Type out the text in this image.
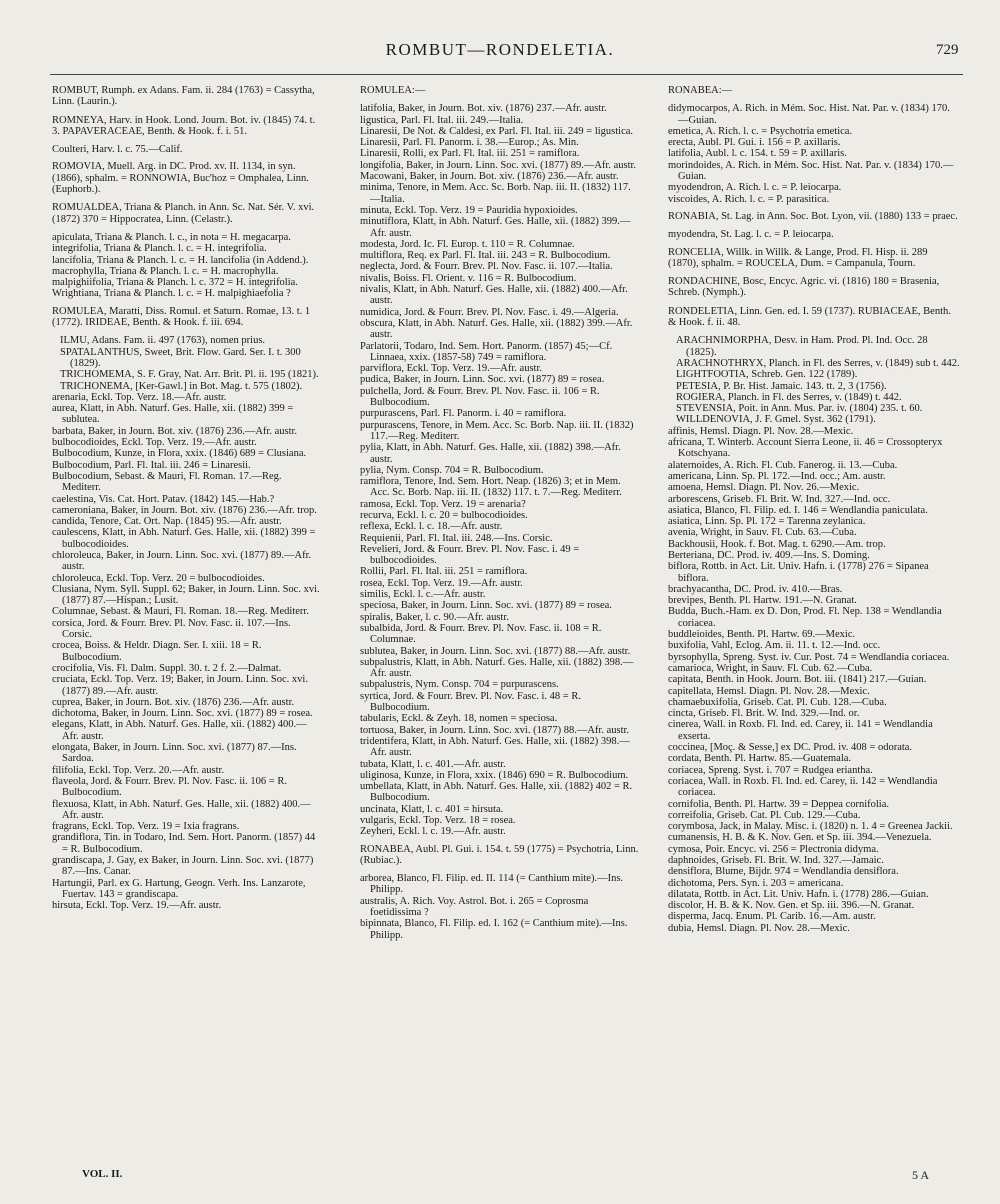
ROMBUT—RONDELETIA.	729
ROMBUT, Rumph. ex Adans. Fam. ii. 284 (1763) = Cassytha, Linn. (Laurin.).
ROMNEYA, Harv. in Hook. Lond. Journ. Bot. iv. (1845) 74. t. 3. PAPAVERACEAE, Benth. & Hook. f. i. 51.
Coulteri, Harv. l. c. 75.—Calif.
ROMOVIA, Muell. Arg. in DC. Prod. xv. II. 1134, in syn. (1866), sphalm. = RONNOWIA, Buc'hoz = Omphalea, Linn. (Euphorb.).
ROMUALDEA, Triana & Planch. in Ann. Sc. Nat. Sér. V. xvi. (1872) 370 = Hippocratea, Linn. (Celastr.).
apiculata, Triana & Planch. l. c., in nota = H. megacarpa.
integrifolia, Triana & Planch. l. c. = H. integrifolia.
lancifolia, Triana & Planch. l. c. = H. lancifolia (in Addend.).
macrophylla, Triana & Planch. l. c. = H. macrophylla.
malpighiifolia, Triana & Planch. l. c. 372 = H. integrifolia.
Wrightiana, Triana & Planch. l. c. = H. malpighiaefolia ?
ROMULEA, Maratti, Diss. Romul. et Saturn. Romae, 13. t. 1 (1772). IRIDEAE, Benth. & Hook. f. iii. 694.
ILMU, Adans. Fam. ii. 497 (1763), nomen prius.
SPATALANTHUS, Sweet, Brit. Flow. Gard. Ser. I. t. 300 (1829).
TRICHOMEMA, S. F. Gray, Nat. Arr. Brit. Pl. ii. 195 (1821).
TRICHONEMA, [Ker-Gawl.] in Bot. Mag. t. 575 (1802).
arenaria, Eckl. Top. Verz. 18.—Afr. austr.
aurea, Klatt, in Abh. Naturf. Ges. Halle, xii. (1882) 399 = sublutea.
barbata, Baker, in Journ. Bot. xiv. (1876) 236.—Afr. austr.
bulbocodioides, Eckl. Top. Verz. 19.—Afr. austr.
Bulbocodium, Kunze, in Flora, xxix. (1846) 689 = Clusiana.
Bulbocodium, Parl. Fl. Ital. iii. 246 = Linaresii.
Bulbocodium, Sebast. & Mauri, Fl. Roman. 17.—Reg. Mediterr.
caelestina, Vis. Cat. Hort. Patav. (1842) 145.—Hab.?
cameroniana, Baker, in Journ. Bot. xiv. (1876) 236.—Afr. trop.
candida, Tenore, Cat. Ort. Nap. (1845) 95.—Afr. austr.
caulescens, Klatt, in Abh. Naturf. Ges. Halle, xii. (1882) 399 = bulbocodioides.
chloroleuca, Baker, in Journ. Linn. Soc. xvi. (1877) 89.—Afr. austr.
chloroleuca, Eckl. Top. Verz. 20 = bulbocodioides.
Clusiana, Nym. Syll. Suppl. 62; Baker, in Journ. Linn. Soc. xvi. (1877) 87.—Hispan.; Lusit.
Columnae, Sebast. & Mauri, Fl. Roman. 18.—Reg. Mediterr.
corsica, Jord. & Fourr. Brev. Pl. Nov. Fasc. ii. 107.—Ins. Corsic.
crocea, Boiss. & Heldr. Diagn. Ser. I. xiii. 18 = R. Bulbocodium.
crocifolia, Vis. Fl. Dalm. Suppl. 30. t. 2 f. 2.—Dalmat.
cruciata, Eckl. Top. Verz. 19; Baker, in Journ. Linn. Soc. xvi. (1877) 89.—Afr. austr.
cuprea, Baker, in Journ. Bot. xiv. (1876) 236.—Afr. austr.
dichotoma, Baker, in Journ. Linn. Soc. xvi. (1877) 89 = rosea.
elegans, Klatt, in Abh. Naturf. Ges. Halle, xii. (1882) 400.—Afr. austr.
elongata, Baker, in Journ. Linn. Soc. xvi. (1877) 87.—Ins. Sardoa.
filifolia, Eckl. Top. Verz. 20.—Afr. austr.
flaveola, Jord. & Fourr. Brev. Pl. Nov. Fasc. ii. 106 = R. Bulbocodium.
flexuosa, Klatt, in Abh. Naturf. Ges. Halle, xii. (1882) 400.—Afr. austr.
fragrans, Eckl. Top. Verz. 19 = Ixia fragrans.
grandiflora, Tin. in Todaro, Ind. Sem. Hort. Panorm. (1857) 44 = R. Bulbocodium.
grandiscapa, J. Gay, ex Baker, in Journ. Linn. Soc. xvi. (1877) 87.—Ins. Canar.
Hartungii, Parl. ex G. Hartung, Geogn. Verh. Ins. Lanzarote, Fuertav. 143 = grandiscapa.
hirsuta, Eckl. Top. Verz. 19.—Afr. austr.
ROMULEA:—
latifolia, Baker, in Journ. Bot. xiv. (1876) 237.—Afr. austr.
ligustica, Parl. Fl. Ital. iii. 249.—Italia.
Linaresii, De Not. & Caldesi, ex Parl. Fl. Ital. iii. 249 = ligustica.
Linaresii, Parl. Fl. Panorm. i. 38.—Europ.; As. Min.
Linaresii, Rolli, ex Parl. Fl. Ital. iii. 251 = ramiflora.
longifolia, Baker, in Journ. Linn. Soc. xvi. (1877) 89.—Afr. austr.
Macowani, Baker, in Journ. Bot. xiv. (1876) 236.—Afr. austr.
minima, Tenore, in Mem. Acc. Sc. Borb. Nap. iii. II. (1832) 117.—Italia.
minuta, Eckl. Top. Verz. 19 = Pauridia hypoxioides.
minutiflora, Klatt, in Abh. Naturf. Ges. Halle, xii. (1882) 399.—Afr. austr.
modesta, Jord. Ic. Fl. Europ. t. 110 = R. Columnae.
multiflora, Req. ex Parl. Fl. Ital. iii. 243 = R. Bulbocodium.
neglecta, Jord. & Fourr. Brev. Pl. Nov. Fasc. ii. 107.—Italia.
nivalis, Boiss. Fl. Orient. v. 116 = R. Bulbocodium.
nivalis, Klatt, in Abh. Naturf. Ges. Halle, xii. (1882) 400.—Afr. austr.
numidica, Jord. & Fourr. Brev. Pl. Nov. Fasc. i. 49.—Algeria.
obscura, Klatt, in Abh. Naturf. Ges. Halle, xii. (1882) 399.—Afr. austr.
Parlatorii, Todaro, Ind. Sem. Hort. Panorm. (1857) 45;—Cf. Linnaea, xxix. (1857-58) 749 = ramiflora.
parviflora, Eckl. Top. Verz. 19.—Afr. austr.
pudica, Baker, in Journ. Linn. Soc. xvi. (1877) 89 = rosea.
pulchella, Jord. & Fourr. Brev. Pl. Nov. Fasc. ii. 106 = R. Bulbocodium.
purpurascens, Parl. Fl. Panorm. i. 40 = ramiflora.
purpurascens, Tenore, in Mem. Acc. Sc. Borb. Nap. iii. II. (1832) 117.—Reg. Mediterr.
pylia, Klatt, in Abh. Naturf. Ges. Halle, xii. (1882) 398.—Afr. austr.
pylia, Nym. Consp. 704 = R. Bulbocodium.
ramiflora, Tenore, Ind. Sem. Hort. Neap. (1826) 3; et in Mem. Acc. Sc. Borb. Nap. iii. II. (1832) 117. t. 7.—Reg. Mediterr.
ramosa, Eckl. Top. Verz. 19 = arenaria?
recurva, Eckl. l. c. 20 = bulbocodioides.
reflexa, Eckl. l. c. 18.—Afr. austr.
Requienii, Parl. Fl. Ital. iii. 248.—Ins. Corsic.
Revelieri, Jord. & Fourr. Brev. Pl. Nov. Fasc. i. 49 = bulbocodioides.
Rollii, Parl. Fl. Ital. iii. 251 = ramiflora.
rosea, Eckl. Top. Verz. 19.—Afr. austr.
similis, Eckl. l. c.—Afr. austr.
speciosa, Baker, in Journ. Linn. Soc. xvi. (1877) 89 = rosea.
spiralis, Baker, l. c. 90.—Afr. austr.
subalbida, Jord. & Fourr. Brev. Pl. Nov. Fasc. ii. 108 = R. Columnae.
sublutea, Baker, in Journ. Linn. Soc. xvi. (1877) 88.—Afr. austr.
subpalustris, Klatt, in Abh. Naturf. Ges. Halle, xii. (1882) 398.—Afr. austr.
subpalustris, Nym. Consp. 704 = purpurascens.
syrtica, Jord. & Fourr. Brev. Pl. Nov. Fasc. i. 48 = R. Bulbocodium.
tabularis, Eckl. & Zeyh. 18, nomen = speciosa.
tortuosa, Baker, in Journ. Linn. Soc. xvi. (1877) 88.—Afr. austr.
tridentifera, Klatt, in Abh. Naturf. Ges. Halle, xii. (1882) 398.—Afr. austr.
tubata, Klatt, l. c. 401.—Afr. austr.
uliginosa, Kunze, in Flora, xxix. (1846) 690 = R. Bulbocodium.
umbellata, Klatt, in Abh. Naturf. Ges. Halle, xii. (1882) 402 = R. Bulbocodium.
uncinata, Klatt, l. c. 401 = hirsuta.
vulgaris, Eckl. Top. Verz. 18 = rosea.
Zeyheri, Eckl. l. c. 19.—Afr. austr.
RONABEA, Aubl. Pl. Gui. i. 154. t. 59 (1775) = Psychotria, Linn. (Rubiac.).
arborea, Blanco, Fl. Filip. ed. II. 114 (= Canthium mite).—Ins. Philipp.
australis, A. Rich. Voy. Astrol. Bot. i. 265 = Coprosma foetidissima ?
bipinnata, Blanco, Fl. Filip. ed. I. 162 (= Canthium mite).—Ins. Philipp.
RONABEA:—
didymocarpos, A. Rich. in Mém. Soc. Hist. Nat. Par. v. (1834) 170.—Guian.
emetica, A. Rich. l. c. = Psychotria emetica.
erecta, Aubl. Pl. Gui. i. 156 = P. axillaris.
latifolia, Aubl. l. c. 154. t. 59 = P. axillaris.
morindoides, A. Rich. in Mém. Soc. Hist. Nat. Par. v. (1834) 170.—Guian.
myodendron, A. Rich. l. c. = P. leiocarpa.
viscoides, A. Rich. l. c. = P. parasitica.
RONABIA, St. Lag. in Ann. Soc. Bot. Lyon, vii. (1880) 133 = praec.
myodendra, St. Lag. l. c. = P. leiocarpa.
RONCELIA, Willk. in Willk. & Lange, Prod. Fl. Hisp. ii. 289 (1870), sphalm. = ROUCELA, Dum. = Campanula, Tourn.
RONDACHINE, Bosc, Encyc. Agric. vi. (1816) 180 = Brasenia, Schreb. (Nymph.).
RONDELETIA, Linn. Gen. ed. I. 59 (1737). RUBIACEAE, Benth. & Hook. f. ii. 48.
ARACHNIMORPHA, Desv. in Ham. Prod. Pl. Ind. Occ. 28 (1825).
ARACHNOTHRYX, Planch. in Fl. des Serres, v. (1849) sub t. 442.
LIGHTFOOTIA, Schreb. Gen. 122 (1789).
PETESIA, P. Br. Hist. Jamaic. 143. tt. 2, 3 (1756).
ROGIERA, Planch. in Fl. des Serres, v. (1849) t. 442.
STEVENSIA, Poit. in Ann. Mus. Par. iv. (1804) 235. t. 60.
WILLDENOVIA, J. F. Gmel. Syst. 362 (1791).
affinis, Hemsl. Diagn. Pl. Nov. 28.—Mexic.
africana, T. Winterb. Account Sierra Leone, ii. 46 = Crossopteryx Kotschyana.
alaternoides, A. Rich. Fl. Cub. Fanerog. ii. 13.—Cuba.
americana, Linn. Sp. Pl. 172.—Ind. occ.; Am. austr.
amoena, Hemsl. Diagn. Pl. Nov. 26.—Mexic.
arborescens, Griseb. Fl. Brit. W. Ind. 327.—Ind. occ.
asiatica, Blanco, Fl. Filip. ed. I. 146 = Wendlandia paniculata.
asiatica, Linn. Sp. Pl. 172 = Tarenna zeylanica.
avenia, Wright, in Sauv. Fl. Cub. 63.—Cuba.
Backhousii, Hook. f. Bot. Mag. t. 6290.—Am. trop.
Berteriana, DC. Prod. iv. 409.—Ins. S. Doming.
biflora, Rottb. in Act. Lit. Univ. Hafn. i. (1778) 276 = Sipanea biflora.
brachyacantha, DC. Prod. iv. 410.—Bras.
brevipes, Benth. Pl. Hartw. 191.—N. Granat.
Budda, Buch.-Ham. ex D. Don, Prod. Fl. Nep. 138 = Wendlandia coriacea.
buddleioides, Benth. Pl. Hartw. 69.—Mexic.
buxifolia, Vahl, Eclog. Am. ii. 11. t. 12.—Ind. occ.
byrsophylla, Spreng. Syst. iv. Cur. Post. 74 = Wendlandia coriacea.
camarioca, Wright, in Sauv. Fl. Cub. 62.—Cuba.
capitata, Benth. in Hook. Journ. Bot. iii. (1841) 217.—Guian.
capitellata, Hemsl. Diagn. Pl. Nov. 28.—Mexic.
chamaebuxifolia, Griseb. Cat. Pl. Cub. 128.—Cuba.
cincta, Griseb. Fl. Brit. W. Ind. 329.—Ind. or.
cinerea, Wall. in Roxb. Fl. Ind. ed. Carey, ii. 141 = Wendlandia exserta.
coccinea, [Moç. & Sesse,] ex DC. Prod. iv. 408 = odorata.
cordata, Benth. Pl. Hartw. 85.—Guatemala.
coriacea, Spreng. Syst. i. 707 = Rudgea eriantha.
coriacea, Wall. in Roxb. Fl. Ind. ed. Carey, ii. 142 = Wendlandia coriacea.
cornifolia, Benth. Pl. Hartw. 39 = Deppea cornifolia.
correifolia, Griseb. Cat. Pl. Cub. 129.—Cuba.
corymbosa, Jack, in Malay. Misc. i. (1820) n. 1. 4 = Greenea Jackii.
cumanensis, H. B. & K. Nov. Gen. et Sp. iii. 394.—Venezuela.
cymosa, Poir. Encyc. vi. 256 = Plectronia didyma.
daphnoides, Griseb. Fl. Brit. W. Ind. 327.—Jamaic.
densiflora, Blume, Bijdr. 974 = Wendlandia densiflora.
dichotoma, Pers. Syn. i. 203 = americana.
dilatata, Rottb. in Act. Lit. Univ. Hafn. i. (1778) 286.—Guian.
discolor, H. B. & K. Nov. Gen. et Sp. iii. 396.—N. Granat.
disperma, Jacq. Enum. Pl. Carib. 16.—Am. austr.
dubia, Hemsl. Diagn. Pl. Nov. 28.—Mexic.
VOL. II.	5 A
